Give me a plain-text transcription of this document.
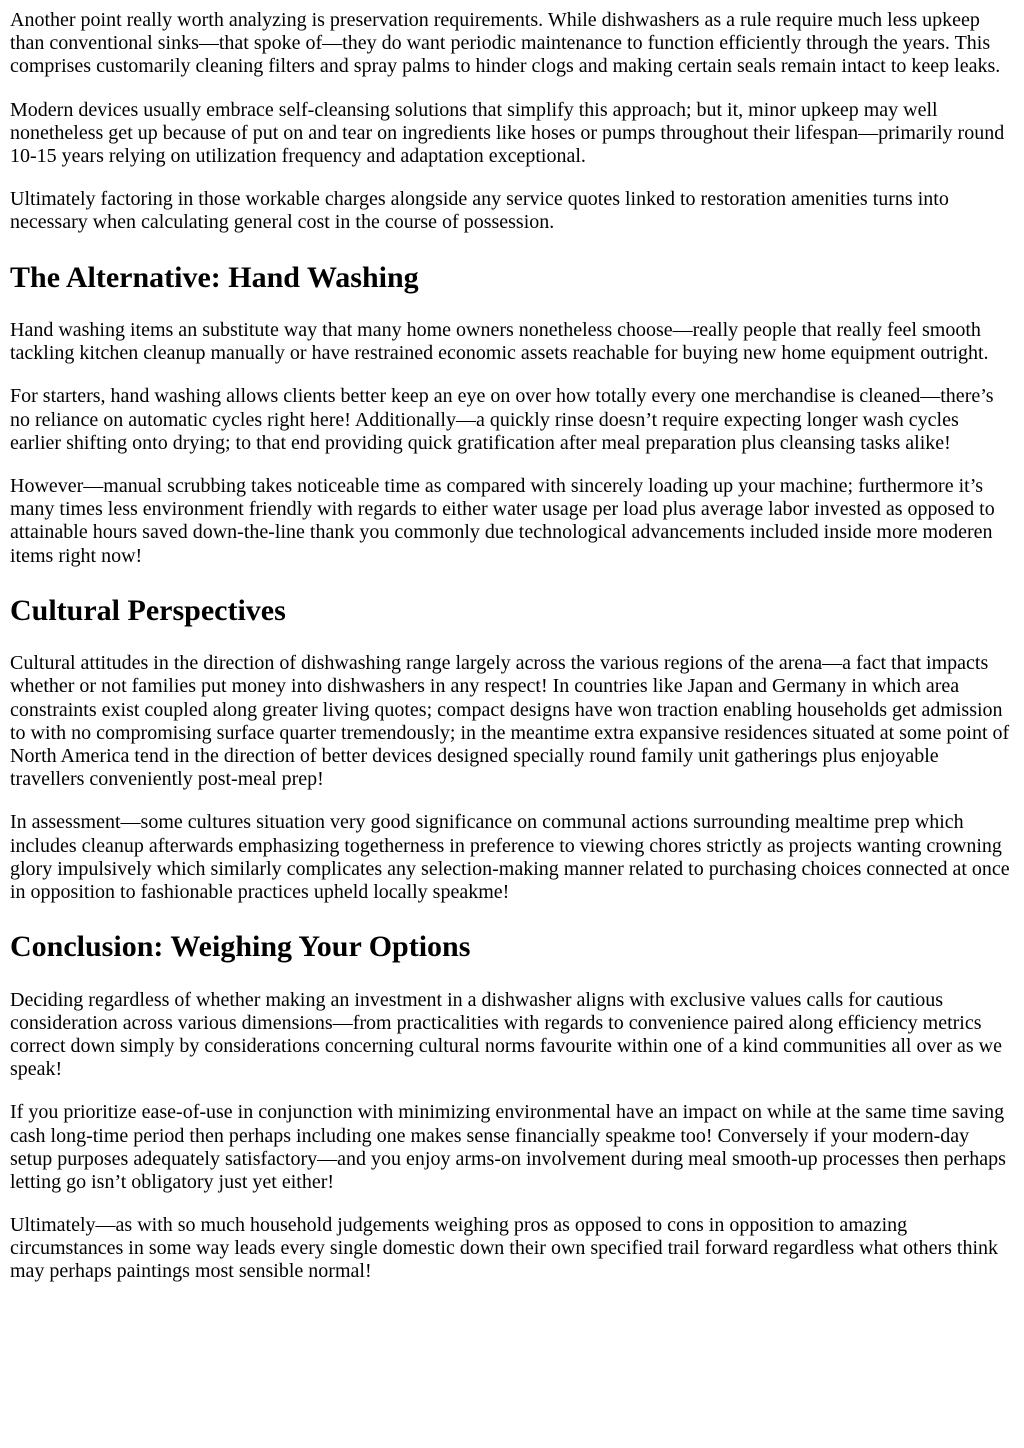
Another point really worth analyzing is preservation requirements. While dishwashers as a rule require much less upkeep than conventional sinks—that spoke of—they do want periodic maintenance to function efficiently through the years. This comprises customarily cleaning filters and spray palms to hinder clogs and making certain seals remain intact to keep leaks.

Modern devices usually embrace self-cleansing solutions that simplify this approach; but it, minor upkeep may well nonetheless get up because of put on and tear on ingredients like hoses or pumps throughout their lifespan—primarily round 10-15 years relying on utilization frequency and adaptation exceptional.

Ultimately factoring in those workable charges alongside any service quotes linked to restoration amenities turns into necessary when calculating general cost in the course of possession.

The Alternative: Hand Washing

Hand washing items an substitute way that many home owners nonetheless choose—really people that really feel smooth tackling kitchen cleanup manually or have restrained economic assets reachable for buying new home equipment outright.

For starters, hand washing allows clients better keep an eye on over how totally every one merchandise is cleaned—there’s no reliance on automatic cycles right here! Additionally—a quickly rinse doesn’t require expecting longer wash cycles earlier shifting onto drying; to that end providing quick gratification after meal preparation plus cleansing tasks alike!

However—manual scrubbing takes noticeable time as compared with sincerely loading up your machine; furthermore it’s many times less environment friendly with regards to either water usage per load plus average labor invested as opposed to attainable hours saved down-the-line thank you commonly due technological advancements included inside more moderen items right now!

Cultural Perspectives

Cultural attitudes in the direction of dishwashing range largely across the various regions of the arena—a fact that impacts whether or not families put money into dishwashers in any respect! In countries like Japan and Germany in which area constraints exist coupled along greater living quotes; compact designs have won traction enabling households get admission to with no compromising surface quarter tremendously; in the meantime extra expansive residences situated at some point of North America tend in the direction of better devices designed specially round family unit gatherings plus enjoyable travellers conveniently post-meal prep!

In assessment—some cultures situation very good significance on communal actions surrounding mealtime prep which includes cleanup afterwards emphasizing togetherness in preference to viewing chores strictly as projects wanting crowning glory impulsively which similarly complicates any selection-making manner related to purchasing choices connected at once in opposition to fashionable practices upheld locally speakme!

Conclusion: Weighing Your Options

Deciding regardless of whether making an investment in a dishwasher aligns with exclusive values calls for cautious consideration across various dimensions—from practicalities with regards to convenience paired along efficiency metrics correct down simply by considerations concerning cultural norms favourite within one of a kind communities all over as we speak!

If you prioritize ease-of-use in conjunction with minimizing environmental have an impact on while at the same time saving cash long-time period then perhaps including one makes sense financially speakme too! Conversely if your modern-day setup purposes adequately satisfactory—and you enjoy arms-on involvement during meal smooth-up processes then perhaps letting go isn’t obligatory just yet either!

Ultimately—as with so much household judgements weighing pros as opposed to cons in opposition to amazing circumstances in some way leads every single domestic down their own specified trail forward regardless what others think may perhaps paintings most sensible normal!
